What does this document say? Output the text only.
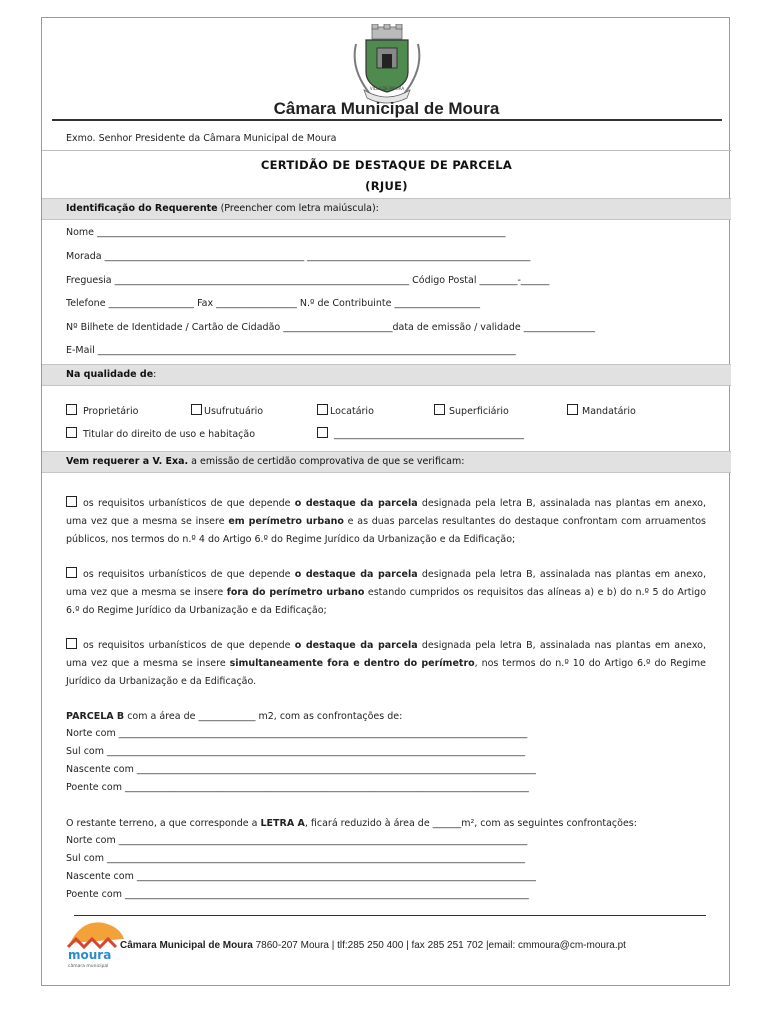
VILLA DE MOURA
Câmara Municipal de Moura
Exmo. Senhor Presidente da Câmara Municipal de Moura
CERTIDÃO DE DESTAQUE DE PARCELA
(RJUE)
Identificação do Requerente (Preencher com letra maiúscula):
Nome ______________________________________________________________________________________
Morada __________________________________________ _______________________________________________
Freguesia ______________________________________________________________ Código Postal ________-______
Telefone __________________ Fax _________________ N.º de Contribuinte __________________
Nº Bilhete de Identidade / Cartão de Cidadão _______________________data de emissão / validade _______________
E-Mail ________________________________________________________________________________________
Na qualidade de:
Proprietário	Usufrutuário	Locatário	Superficiário	Mandatário
Titular do direito de uso e habitação	________________________________________
Vem requerer a V. Exa. a emissão de certidão comprovativa de que se verificam:
os requisitos urbanísticos de que depende o destaque da parcela designada pela letra B, assinalada nas plantas em anexo, uma vez que a mesma se insere em perímetro urbano e as duas parcelas resultantes do destaque confrontam com arruamentos públicos, nos termos do n.º 4 do Artigo 6.º do Regime Jurídico da Urbanização e da Edificação;
os requisitos urbanísticos de que depende o destaque da parcela designada pela letra B, assinalada nas plantas em anexo, uma vez que a mesma se insere fora do perímetro urbano estando cumpridos os requisitos das alíneas a) e b) do n.º 5 do Artigo 6.º do Regime Jurídico da Urbanização e da Edificação;
os requisitos urbanísticos de que depende o destaque da parcela designada pela letra B, assinalada nas plantas em anexo, uma vez que a mesma se insere simultaneamente fora e dentro do perímetro, nos termos do n.º 10 do Artigo 6.º do Regime Jurídico da Urbanização e da Edificação.
PARCELA B com a área de ____________ m2, com as confrontações de:
Norte com ______________________________________________________________________________________
Sul com ________________________________________________________________________________________
Nascente com ____________________________________________________________________________________
Poente com _____________________________________________________________________________________
O restante terreno, a que corresponde a LETRA A, ficará reduzido à área de ______m², com as seguintes confrontações:
Norte com ______________________________________________________________________________________
Sul com ________________________________________________________________________________________
Nascente com ____________________________________________________________________________________
Poente com _____________________________________________________________________________________
moura
câmara municipal
Câmara Municipal de Moura 7860-207 Moura | tlf:285 250 400 | fax 285 251 702 |email: cmmoura@cm-moura.pt
